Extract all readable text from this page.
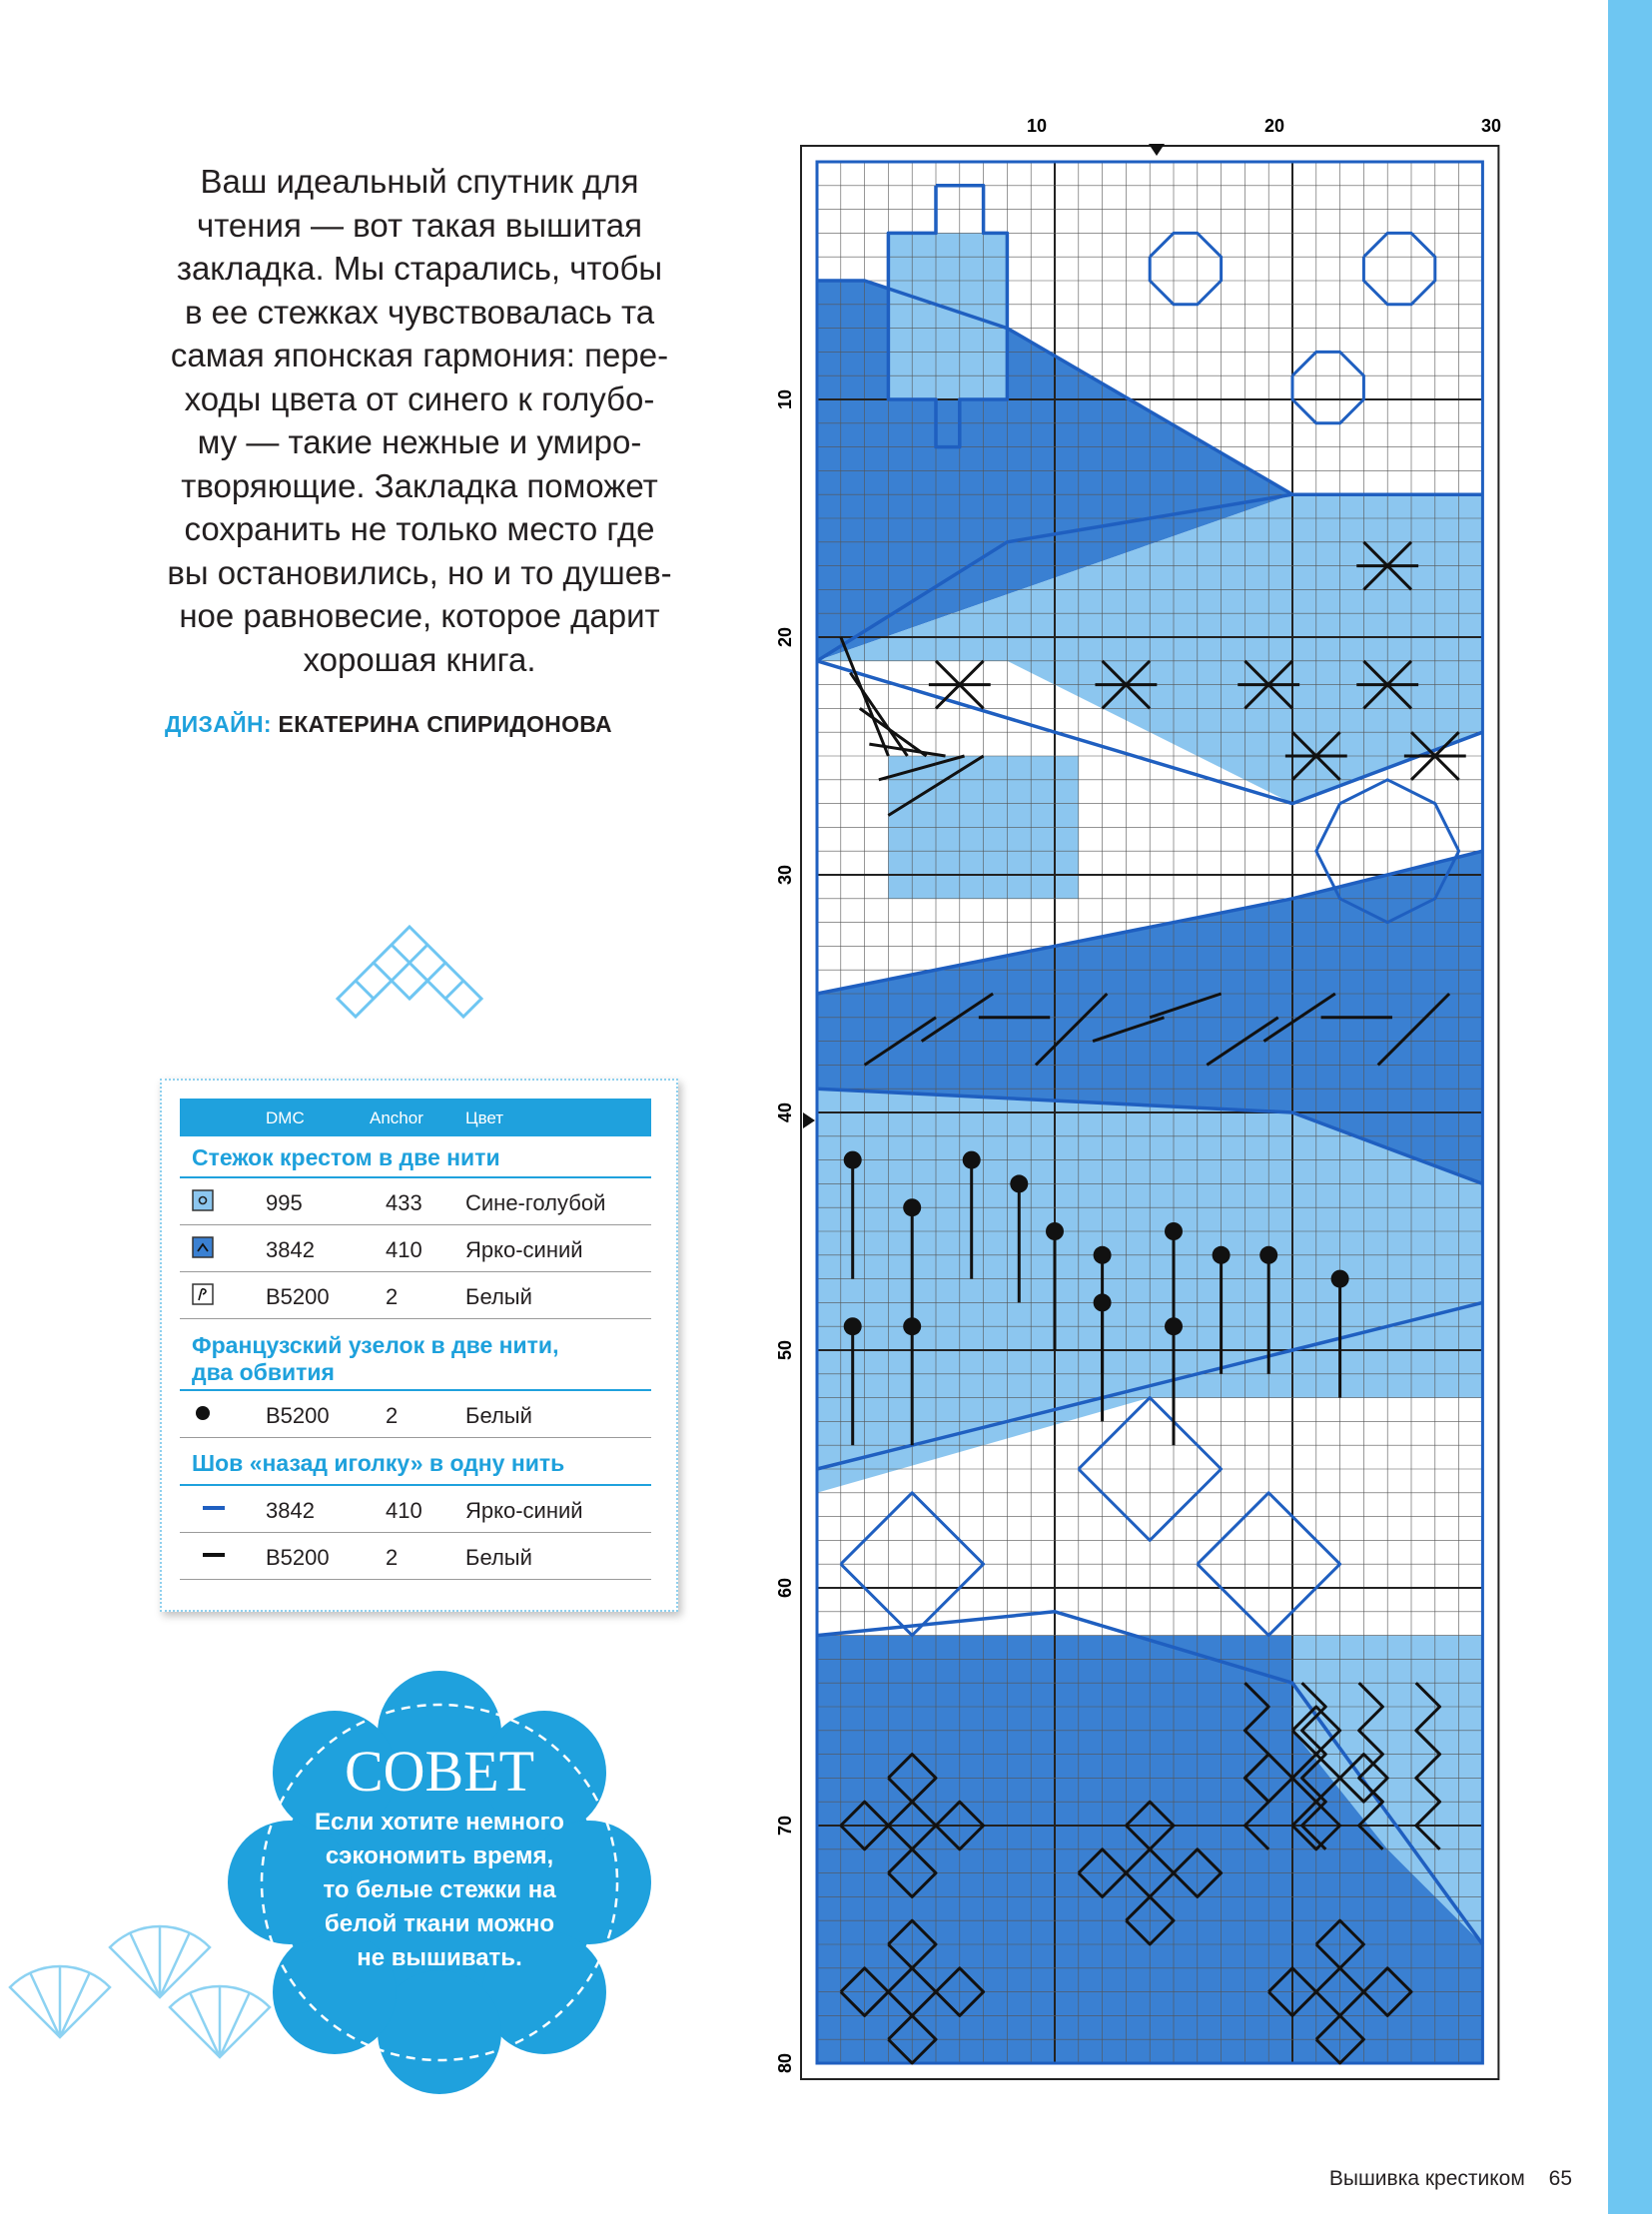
Ваш идеальный спутник для
чтения — вот такая вышитая
закладка. Мы старались, чтобы
в ее стежках чувствовалась та
самая японская гармония: пере-
ходы цвета от синего к голубо-
му — такие нежные и умиро-
творяющие. Закладка поможет
сохранить не только место где
вы остановились, но и то душев-
ное равновесие, которое дарит
хорошая книга.
ДИЗАЙН: ЕКАТЕРИНА СПИРИДОНОВА
DMC	Anchor Цвет
Стежок крестом в две нити
995	433 Сине-голубой
3842	410 Ярко-синий
B5200	2	Белый
Французский узелок в две нити,
два обвития
B5200	2	Белый
Шов «назад иголку» в одну нить
3842	410 Ярко-синий
B5200	2	Белый
СОВЕТ
Если хотите немного
сэкономить время,
то белые стежки на
белой ткани можно
не вышивать.
10	20	30
10
20
30
40
50
60
70
80
Вышивка крестиком 65
